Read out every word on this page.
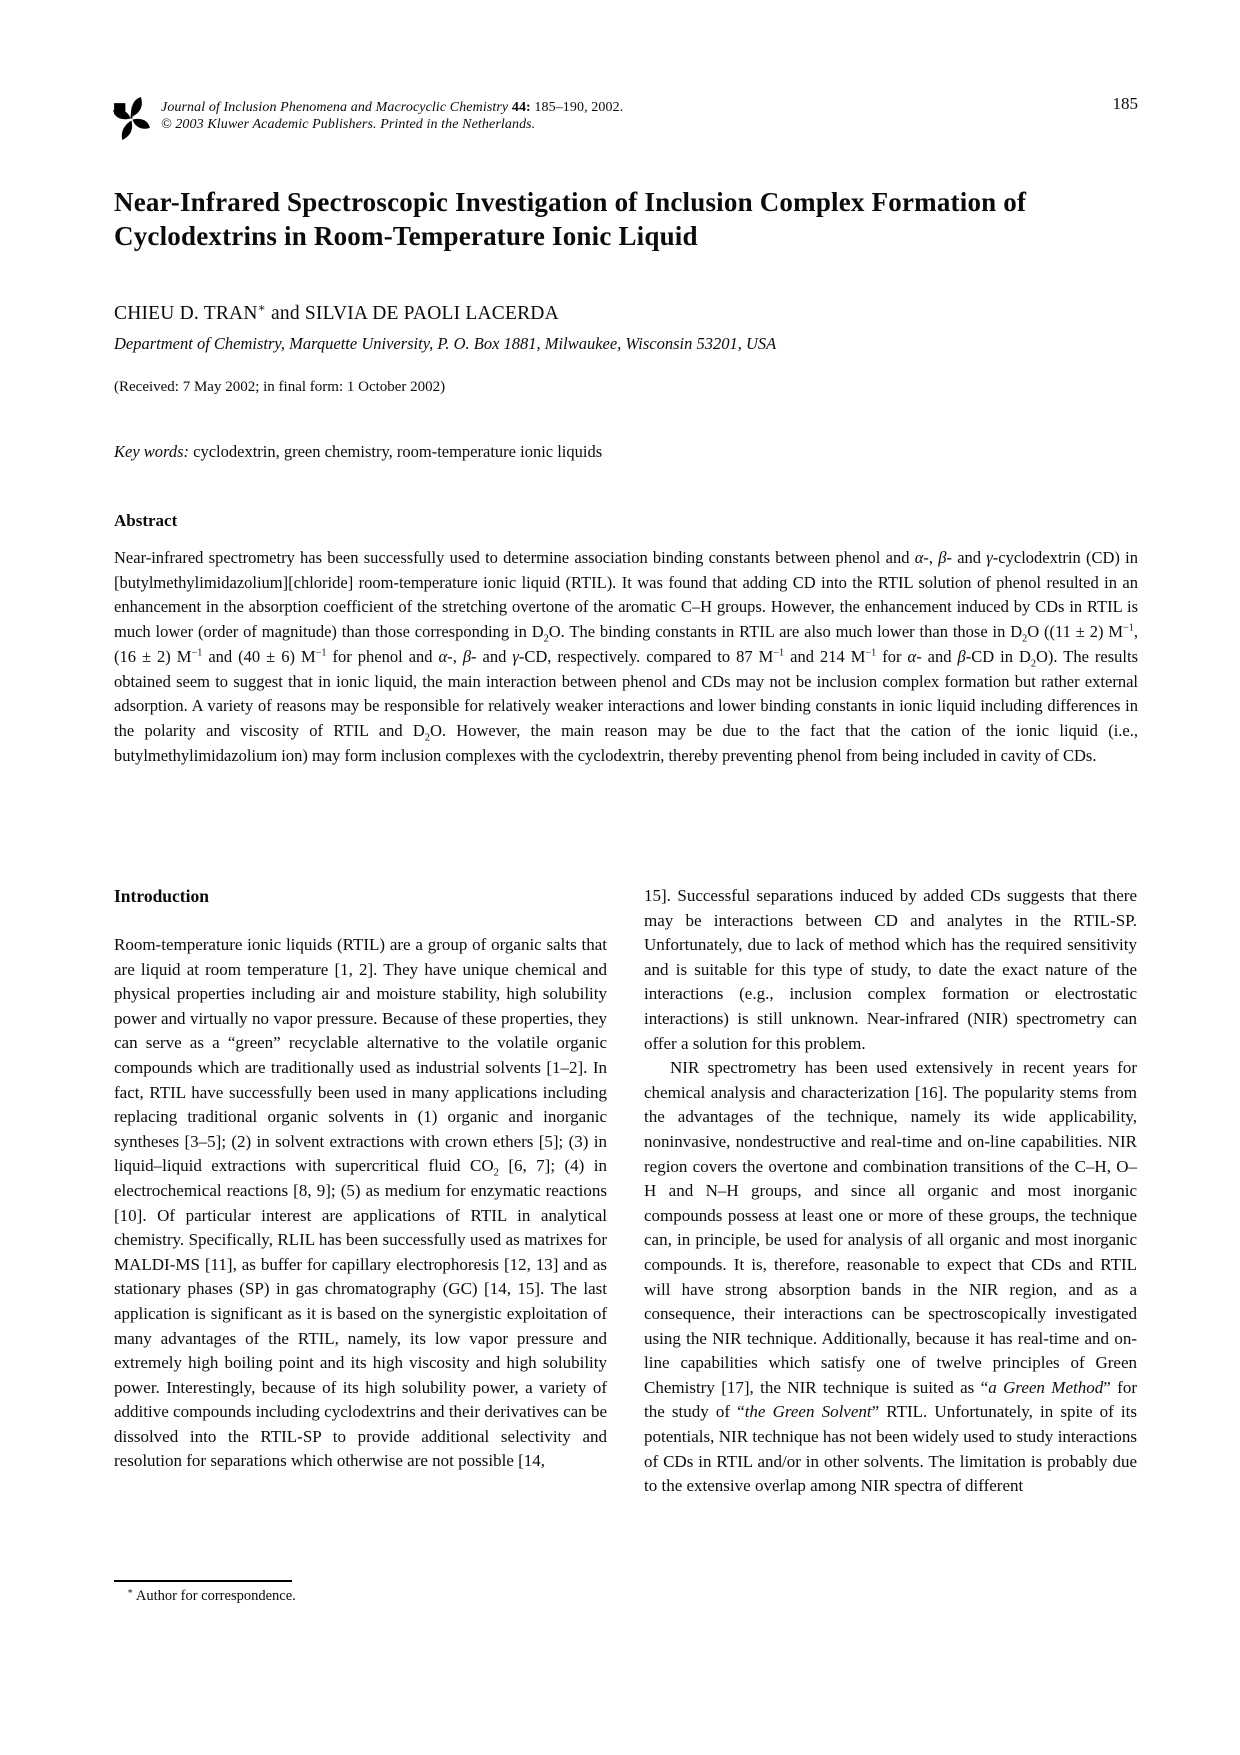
Journal of Inclusion Phenomena and Macrocyclic Chemistry 44: 185–190, 2002.
© 2003 Kluwer Academic Publishers. Printed in the Netherlands.
185
Near-Infrared Spectroscopic Investigation of Inclusion Complex Formation of Cyclodextrins in Room-Temperature Ionic Liquid
CHIEU D. TRAN∗ and SILVIA DE PAOLI LACERDA
Department of Chemistry, Marquette University, P. O. Box 1881, Milwaukee, Wisconsin 53201, USA
(Received: 7 May 2002; in final form: 1 October 2002)
Key words: cyclodextrin, green chemistry, room-temperature ionic liquids
Abstract
Near-infrared spectrometry has been successfully used to determine association binding constants between phenol and α-, β- and γ-cyclodextrin (CD) in [butylmethylimidazolium][chloride] room-temperature ionic liquid (RTIL). It was found that adding CD into the RTIL solution of phenol resulted in an enhancement in the absorption coefficient of the stretching overtone of the aromatic C–H groups. However, the enhancement induced by CDs in RTIL is much lower (order of magnitude) than those corresponding in $D_2O$. The binding constants in RTIL are also much lower than those in $D_2O$ ((11 ± 2) $M^{-1}$, (16 ± 2) $M^{-1}$ and (40 ± 6) $M^{-1}$ for phenol and α-, β- and γ-CD, respectively. compared to 87 $M^{-1}$ and 214 $M^{-1}$ for α- and β-CD in $D_2O$). The results obtained seem to suggest that in ionic liquid, the main interaction between phenol and CDs may not be inclusion complex formation but rather external adsorption. A variety of reasons may be responsible for relatively weaker interactions and lower binding constants in ionic liquid including differences in the polarity and viscosity of RTIL and $D_2O$. However, the main reason may be due to the fact that the cation of the ionic liquid (i.e., butylmethylimidazolium ion) may form inclusion complexes with the cyclodextrin, thereby preventing phenol from being included in cavity of CDs.
Introduction

Room-temperature ionic liquids (RTIL) are a group of organic salts that are liquid at room temperature [1, 2]. They have unique chemical and physical properties including air and moisture stability, high solubility power and virtually no vapor pressure. Because of these properties, they can serve as a “green” recyclable alternative to the volatile organic compounds which are traditionally used as industrial solvents [1–2]. In fact, RTIL have successfully been used in many applications including replacing traditional organic solvents in (1) organic and inorganic syntheses [3–5]; (2) in solvent extractions with crown ethers [5]; (3) in liquid–liquid extractions with supercritical fluid $CO_2$ [6, 7]; (4) in electrochemical reactions [8, 9]; (5) as medium for enzymatic reactions [10]. Of particular interest are applications of RTIL in analytical chemistry. Specifically, RLIL has been successfully used as matrixes for MALDI-MS [11], as buffer for capillary electrophoresis [12, 13] and as stationary phases (SP) in gas chromatography (GC) [14, 15]. The last application is significant as it is based on the synergistic exploitation of many advantages of the RTIL, namely, its low vapor pressure and extremely high boiling point and its high viscosity and high solubility power. Interestingly, because of its high solubility power, a variety of additive compounds including cyclodextrins and their derivatives can be dissolved into the RTIL-SP to provide additional selectivity and resolution for separations which otherwise are not possible [14,

15]. Successful separations induced by added CDs suggests that there may be interactions between CD and analytes in the RTIL-SP. Unfortunately, due to lack of method which has the required sensitivity and is suitable for this type of study, to date the exact nature of the interactions (e.g., inclusion complex formation or electrostatic interactions) is still unknown. Near-infrared (NIR) spectrometry can offer a solution for this problem.

NIR spectrometry has been used extensively in recent years for chemical analysis and characterization [16]. The popularity stems from the advantages of the technique, namely its wide applicability, noninvasive, nondestructive and real-time and on-line capabilities. NIR region covers the overtone and combination transitions of the C–H, O–H and N–H groups, and since all organic and most inorganic compounds possess at least one or more of these groups, the technique can, in principle, be used for analysis of all organic and most inorganic compounds. It is, therefore, reasonable to expect that CDs and RTIL will have strong absorption bands in the NIR region, and as a consequence, their interactions can be spectroscopically investigated using the NIR technique. Additionally, because it has real-time and on-line capabilities which satisfy one of twelve principles of Green Chemistry [17], the NIR technique is suited as “a Green Method” for the study of “the Green Solvent” RTIL. Unfortunately, in spite of its potentials, NIR technique has not been widely used to study interactions of CDs in RTIL and/or in other solvents. The limitation is probably due to the extensive overlap among NIR spectra of different

∗ Author for correspondence.
